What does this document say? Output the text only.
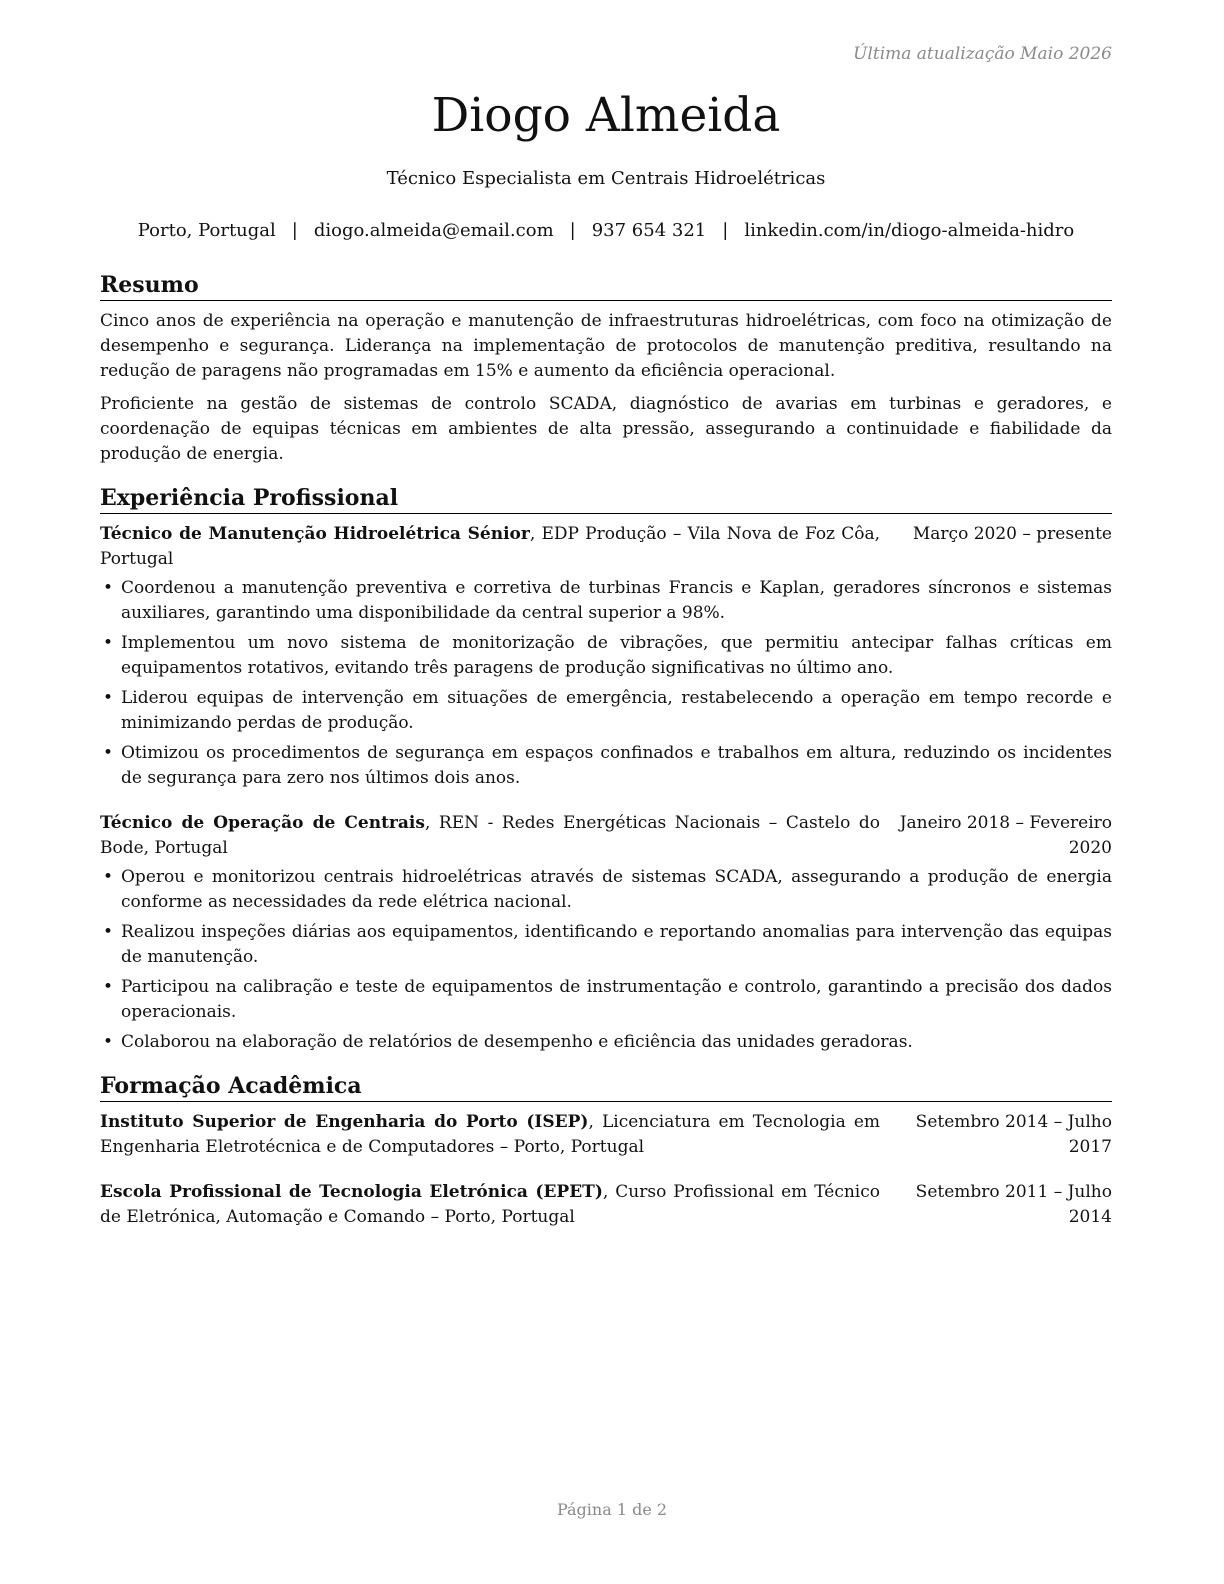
Última atualização Maio 2026
Diogo Almeida
Técnico Especialista em Centrais Hidroelétricas
Porto, Portugal | diogo.almeida@email.com | 937 654 321 | linkedin.com/in/diogo-almeida-hidro
Resumo

Cinco anos de experiência na operação e manutenção de infraestruturas hidroelétricas, com foco na otimização de desempenho e segurança. Liderança na implementação de protocolos de manutenção preditiva, resultando na redução de paragens não programadas em 15% e aumento da eficiência operacional.

Proficiente na gestão de sistemas de controlo SCADA, diagnóstico de avarias em turbinas e geradores, e coordenação de equipas técnicas em ambientes de alta pressão, assegurando a continuidade e fiabilidade da produção de energia.

Experiência Profissional
Técnico de Manutenção Hidroelétrica Sénior, EDP Produção – Vila Nova de Foz Côa, Portugal
Março 2020 – presente
• Coordenou a manutenção preventiva e corretiva de turbinas Francis e Kaplan, geradores síncronos e sistemas auxiliares, garantindo uma disponibilidade da central superior a 98%.
• Implementou um novo sistema de monitorização de vibrações, que permitiu antecipar falhas críticas em equipamentos rotativos, evitando três paragens de produção significativas no último ano.
• Liderou equipas de intervenção em situações de emergência, restabelecendo a operação em tempo recorde e minimizando perdas de produção.
• Otimizou os procedimentos de segurança em espaços confinados e trabalhos em altura, reduzindo os incidentes de segurança para zero nos últimos dois anos.
Técnico de Operação de Centrais, REN - Redes Energéticas Nacionais – Castelo do Bode, Portugal
Janeiro 2018 – Fevereiro 2020
• Operou e monitorizou centrais hidroelétricas através de sistemas SCADA, assegurando a produção de energia conforme as necessidades da rede elétrica nacional.
• Realizou inspeções diárias aos equipamentos, identificando e reportando anomalias para intervenção das equipas de manutenção.
• Participou na calibração e teste de equipamentos de instrumentação e controlo, garantindo a precisão dos dados operacionais.
• Colaborou na elaboração de relatórios de desempenho e eficiência das unidades geradoras.
Formação Acadêmica
Instituto Superior de Engenharia do Porto (ISEP), Licenciatura em Tecnologia em Engenharia Eletrotécnica e de Computadores – Porto, Portugal
Setembro 2014 – Julho 2017
Escola Profissional de Tecnologia Eletrónica (EPET), Curso Profissional em Técnico de Eletrónica, Automação e Comando – Porto, Portugal
Setembro 2011 – Julho 2014
Página 1 de 2
